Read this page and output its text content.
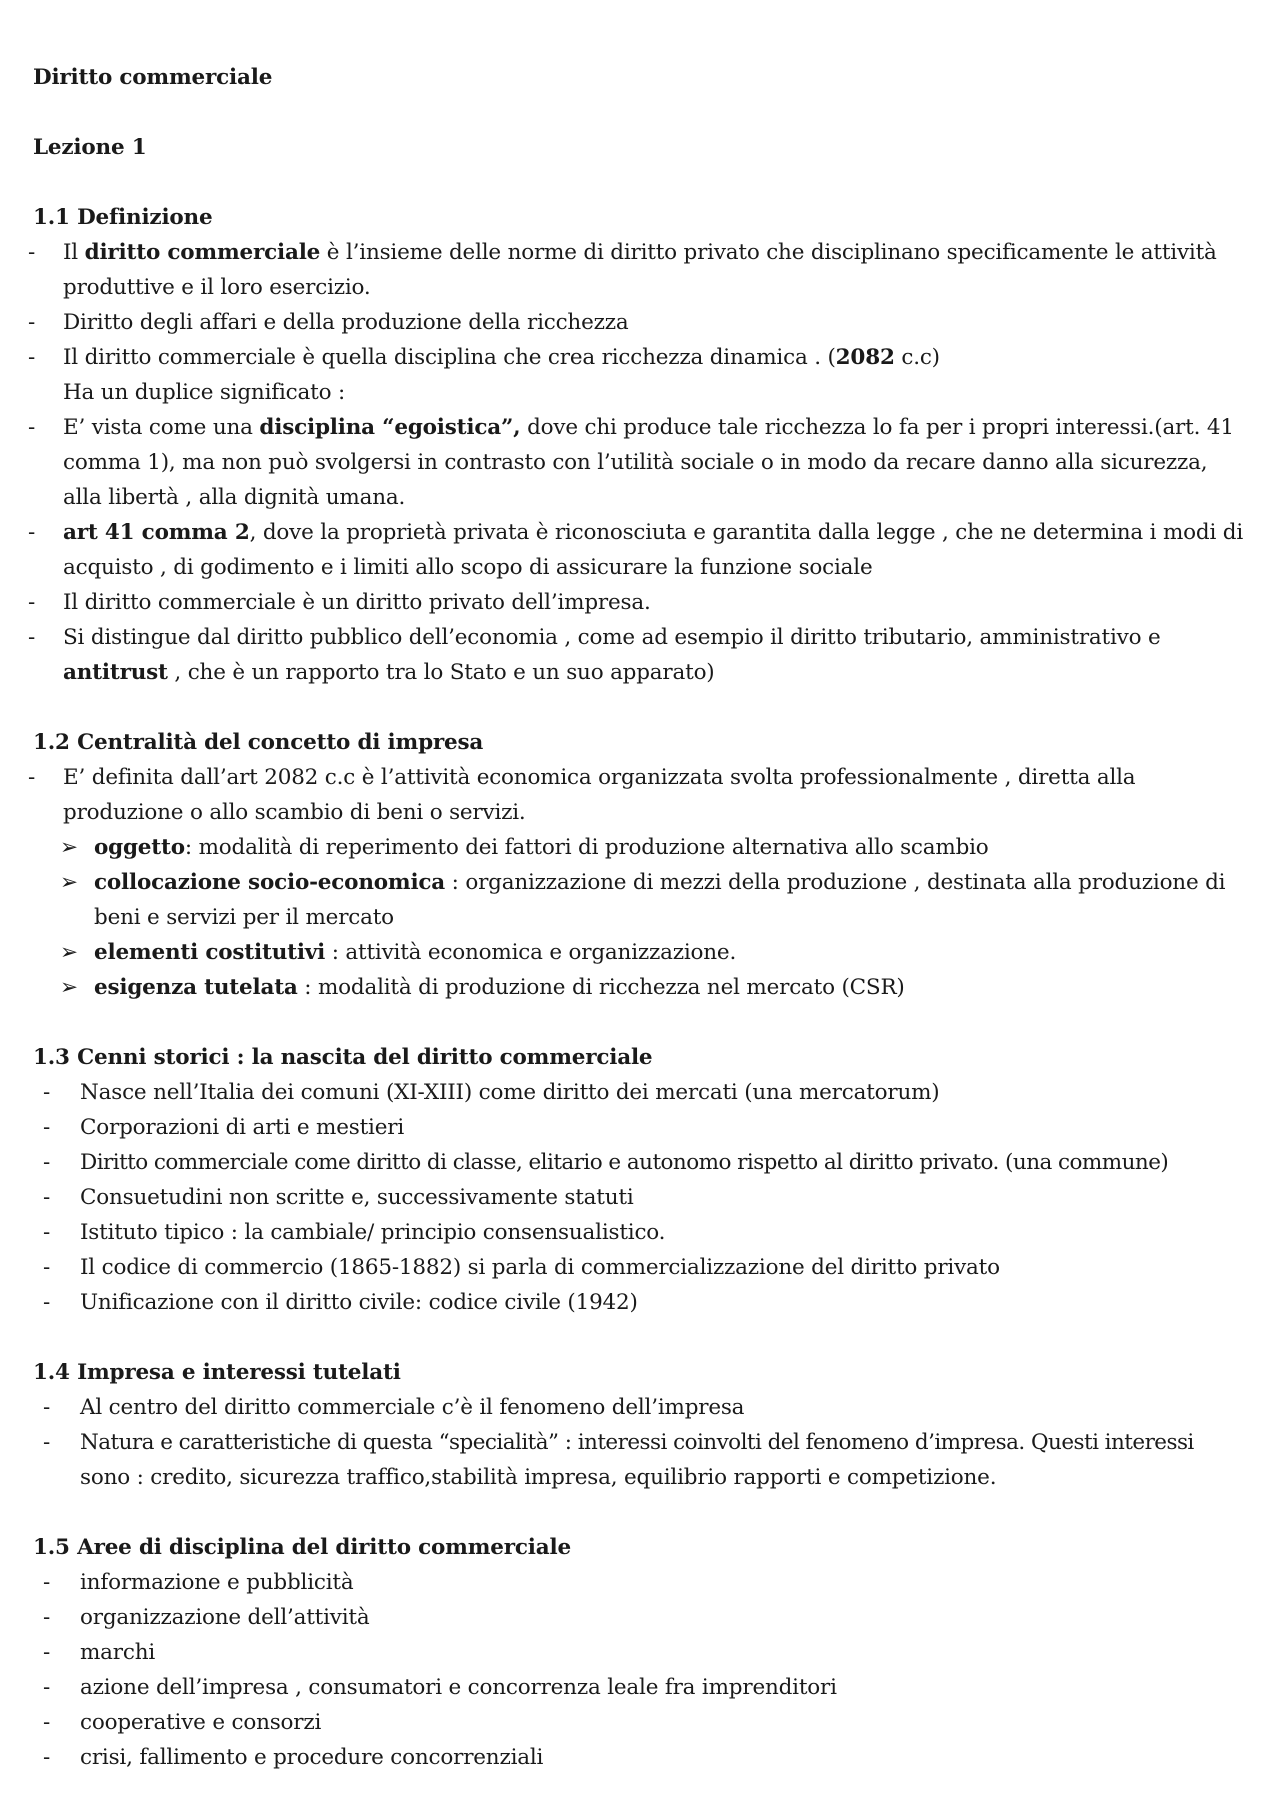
Diritto commerciale
Lezione 1
1.1 Definizione
- Il diritto commerciale è l’insieme delle norme di diritto privato che disciplinano specificamente le attività
produttive e il loro esercizio.
- Diritto degli affari e della produzione della ricchezza
- Il diritto commerciale è quella disciplina che crea ricchezza dinamica . (2082 c.c)
Ha un duplice significato :
- E’ vista come una disciplina “egoistica”, dove chi produce tale ricchezza lo fa per i propri interessi.(art. 41
comma 1), ma non può svolgersi in contrasto con l’utilità sociale o in modo da recare danno alla sicurezza,
alla libertà , alla dignità umana.
- art 41 comma 2, dove la proprietà privata è riconosciuta e garantita dalla legge , che ne determina i modi di
acquisto , di godimento e i limiti allo scopo di assicurare la funzione sociale
- Il diritto commerciale è un diritto privato dell’impresa.
- Si distingue dal diritto pubblico dell’economia , come ad esempio il diritto tributario, amministrativo e
antitrust , che è un rapporto tra lo Stato e un suo apparato)
1.2 Centralità del concetto di impresa
- E’ definita dall’art 2082 c.c è l’attività economica organizzata svolta professionalmente , diretta alla
produzione o allo scambio di beni o servizi.
➢ oggetto: modalità di reperimento dei fattori di produzione alternativa allo scambio
➢ collocazione socio-economica : organizzazione di mezzi della produzione , destinata alla produzione di
beni e servizi per il mercato
➢ elementi costitutivi : attività economica e organizzazione.
➢ esigenza tutelata : modalità di produzione di ricchezza nel mercato (CSR)
1.3 Cenni storici : la nascita del diritto commerciale
- Nasce nell’Italia dei comuni (XI-XIII) come diritto dei mercati (una mercatorum)
- Corporazioni di arti e mestieri
- Diritto commerciale come diritto di classe, elitario e autonomo rispetto al diritto privato. (una commune)
- Consuetudini non scritte e, successivamente statuti
- Istituto tipico : la cambiale/ principio consensualistico.
- Il codice di commercio (1865-1882) si parla di commercializzazione del diritto privato
- Unificazione con il diritto civile: codice civile (1942)
1.4 Impresa e interessi tutelati
- Al centro del diritto commerciale c’è il fenomeno dell’impresa
- Natura e caratteristiche di questa “specialità” : interessi coinvolti del fenomeno d’impresa. Questi interessi
sono : credito, sicurezza traffico,stabilità impresa, equilibrio rapporti e competizione.
1.5 Aree di disciplina del diritto commerciale
- informazione e pubblicità
- organizzazione dell’attività
- marchi
- azione dell’impresa , consumatori e concorrenza leale fra imprenditori
- cooperative e consorzi
- crisi, fallimento e procedure concorrenziali
